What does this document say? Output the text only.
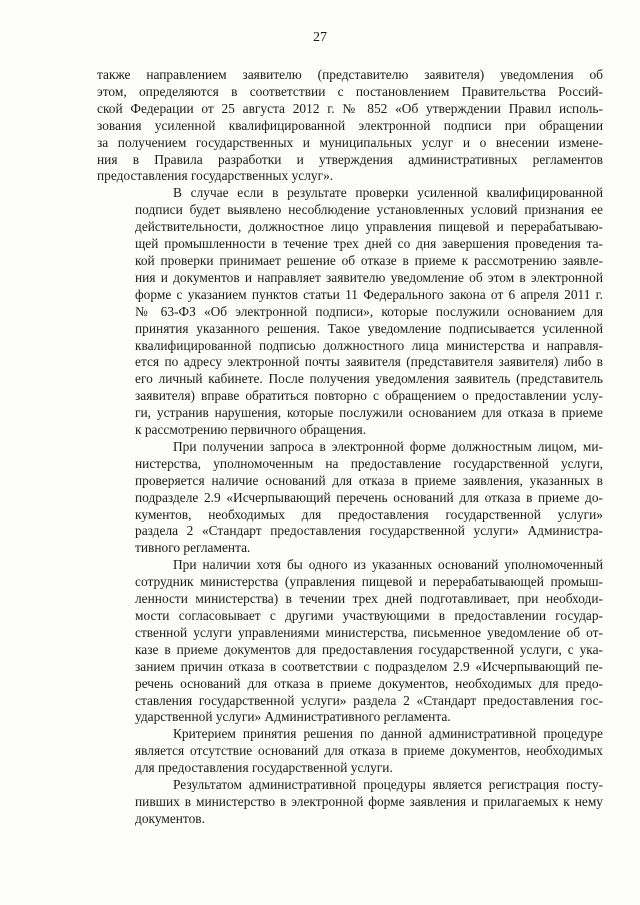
27
также направлением заявителю (представителю заявителя) уведомления об
этом, определяются в соответствии с постановлением Правительства Россий-
ской Федерации от 25 августа 2012 г. № 852 «Об утверждении Правил исполь-
зования усиленной квалифицированной электронной подписи при обращении
за получением государственных и муниципальных услуг и о внесении измене-
ния в Правила разработки и утверждения административных регламентов
предоставления государственных услуг».
В случае если в результате проверки усиленной квалифицированной
подписи будет выявлено несоблюдение установленных условий признания ее
действительности, должностное лицо управления пищевой и перерабатываю-
щей промышленности в течение трех дней со дня завершения проведения та-
кой проверки принимает решение об отказе в приеме к рассмотрению заявле-
ния и документов и направляет заявителю уведомление об этом в электронной
форме с указанием пунктов статьи 11 Федерального закона от 6 апреля 2011 г.
№ 63-ФЗ «Об электронной подписи», которые послужили основанием для
принятия указанного решения. Такое уведомление подписывается усиленной
квалифицированной подписью должностного лица министерства и направля-
ется по адресу электронной почты заявителя (представителя заявителя) либо в
его личный кабинете. После получения уведомления заявитель (представитель
заявителя) вправе обратиться повторно с обращением о предоставлении услу-
ги, устранив нарушения, которые послужили основанием для отказа в приеме
к рассмотрению первичного обращения.
При получении запроса в электронной форме должностным лицом, ми-
нистерства, уполномоченным на предоставление государственной услуги,
проверяется наличие оснований для отказа в приеме заявления, указанных в
подразделе 2.9 «Исчерпывающий перечень оснований для отказа в приеме до-
кументов, необходимых для предоставления государственной услуги»
раздела 2 «Стандарт предоставления государственной услуги» Администра-
тивного регламента.
При наличии хотя бы одного из указанных оснований уполномоченный
сотрудник министерства (управления пищевой и перерабатывающей промыш-
ленности министерства) в течении трех дней подготавливает, при необходи-
мости согласовывает с другими участвующими в предоставлении государ-
ственной услуги управлениями министерства, письменное уведомление об от-
казе в приеме документов для предоставления государственной услуги, с ука-
занием причин отказа в соответствии с подразделом 2.9 «Исчерпывающий пе-
речень оснований для отказа в приеме документов, необходимых для предо-
ставления государственной услуги» раздела 2 «Стандарт предоставления гос-
ударственной услуги» Административного регламента.
Критерием принятия решения по данной административной процедуре
является отсутствие оснований для отказа в приеме документов, необходимых
для предоставления государственной услуги.
Результатом административной процедуры является регистрация посту-
пивших в министерство в электронной форме заявления и прилагаемых к нему
документов.
